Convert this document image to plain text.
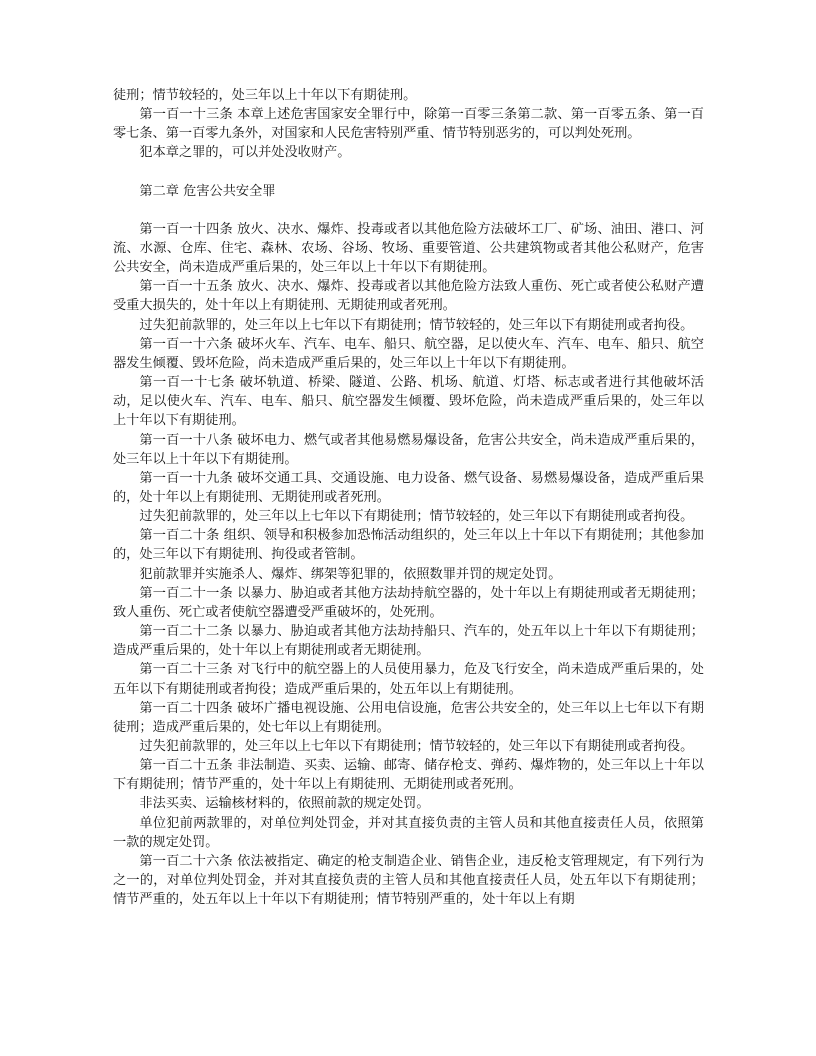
徒刑；情节较轻的，处三年以上十年以下有期徒刑。

第一百一十三条 本章上述危害国家安全罪行中，除第一百零三条第二款、第一百零五条、第一百零七条、第一百零九条外，对国家和人民危害特别严重、情节特别恶劣的，可以判处死刑。

犯本章之罪的，可以并处没收财产。

第二章 危害公共安全罪

第一百一十四条 放火、决水、爆炸、投毒或者以其他危险方法破坏工厂、矿场、油田、港口、河流、水源、仓库、住宅、森林、农场、谷场、牧场、重要管道、公共建筑物或者其他公私财产，危害公共安全，尚未造成严重后果的，处三年以上十年以下有期徒刑。

第一百一十五条 放火、决水、爆炸、投毒或者以其他危险方法致人重伤、死亡或者使公私财产遭受重大损失的，处十年以上有期徒刑、无期徒刑或者死刑。

过失犯前款罪的，处三年以上七年以下有期徒刑；情节较轻的，处三年以下有期徒刑或者拘役。

第一百一十六条 破坏火车、汽车、电车、船只、航空器，足以使火车、汽车、电车、船只、航空器发生倾覆、毁坏危险，尚未造成严重后果的，处三年以上十年以下有期徒刑。

第一百一十七条 破坏轨道、桥梁、隧道、公路、机场、航道、灯塔、标志或者进行其他破坏活动，足以使火车、汽车、电车、船只、航空器发生倾覆、毁坏危险，尚未造成严重后果的，处三年以上十年以下有期徒刑。

第一百一十八条 破坏电力、燃气或者其他易燃易爆设备，危害公共安全，尚未造成严重后果的，处三年以上十年以下有期徒刑。

第一百一十九条 破坏交通工具、交通设施、电力设备、燃气设备、易燃易爆设备，造成严重后果的，处十年以上有期徒刑、无期徒刑或者死刑。

过失犯前款罪的，处三年以上七年以下有期徒刑；情节较轻的，处三年以下有期徒刑或者拘役。

第一百二十条 组织、领导和积极参加恐怖活动组织的，处三年以上十年以下有期徒刑；其他参加的，处三年以下有期徒刑、拘役或者管制。

犯前款罪并实施杀人、爆炸、绑架等犯罪的，依照数罪并罚的规定处罚。

第一百二十一条 以暴力、胁迫或者其他方法劫持航空器的，处十年以上有期徒刑或者无期徒刑；致人重伤、死亡或者使航空器遭受严重破坏的，处死刑。

第一百二十二条 以暴力、胁迫或者其他方法劫持船只、汽车的，处五年以上十年以下有期徒刑；造成严重后果的，处十年以上有期徒刑或者无期徒刑。

第一百二十三条 对飞行中的航空器上的人员使用暴力，危及飞行安全，尚未造成严重后果的，处五年以下有期徒刑或者拘役；造成严重后果的，处五年以上有期徒刑。

第一百二十四条 破坏广播电视设施、公用电信设施，危害公共安全的，处三年以上七年以下有期徒刑；造成严重后果的，处七年以上有期徒刑。

过失犯前款罪的，处三年以上七年以下有期徒刑；情节较轻的，处三年以下有期徒刑或者拘役。

第一百二十五条 非法制造、买卖、运输、邮寄、储存枪支、弹药、爆炸物的，处三年以上十年以下有期徒刑；情节严重的，处十年以上有期徒刑、无期徒刑或者死刑。

非法买卖、运输核材料的，依照前款的规定处罚。

单位犯前两款罪的，对单位判处罚金，并对其直接负责的主管人员和其他直接责任人员，依照第一款的规定处罚。

第一百二十六条 依法被指定、确定的枪支制造企业、销售企业，违反枪支管理规定，有下列行为之一的，对单位判处罚金，并对其直接负责的主管人员和其他直接责任人员，处五年以下有期徒刑；情节严重的，处五年以上十年以下有期徒刑；情节特别严重的，处十年以上有期
